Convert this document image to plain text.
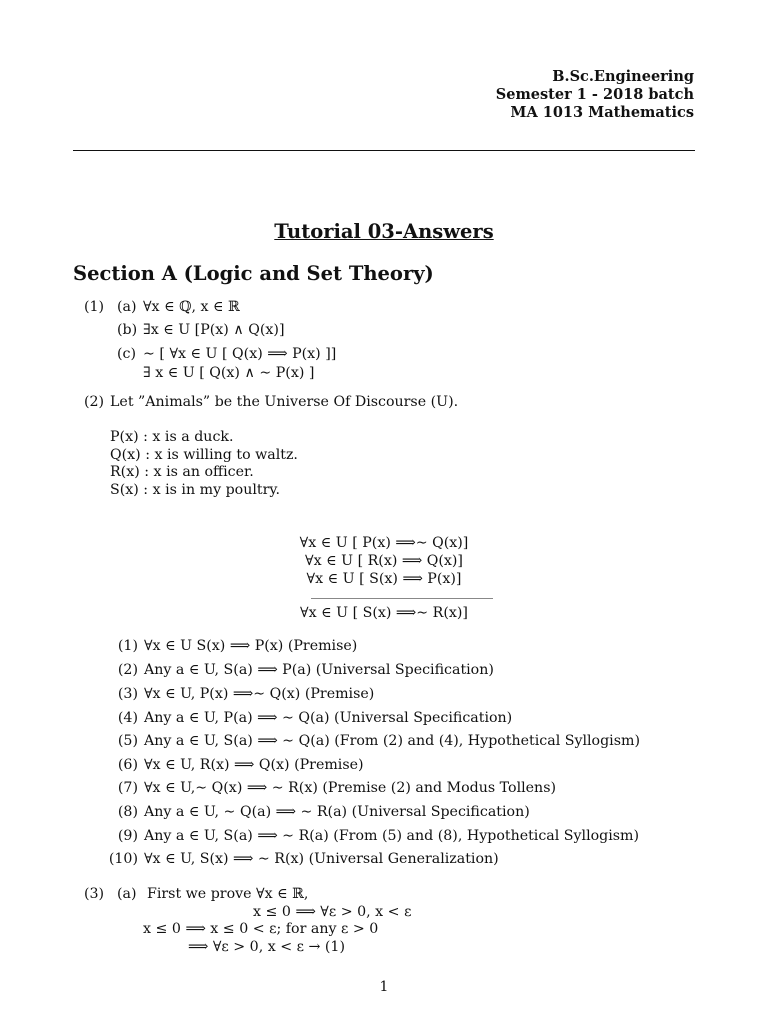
B.Sc.Engineering
Semester 1 - 2018 batch
MA 1013 Mathematics
Tutorial 03-Answers
Section A (Logic and Set Theory)
(1) (a) ∀x ∈ ℚ, x ∈ ℝ
(b) ∃x ∈ U [P(x) ∧ Q(x)]
(c) ∼ [ ∀x ∈ U [ Q(x) ⟹ P(x) ]]
∃ x ∈ U [ Q(x) ∧ ∼ P(x) ]
(2) Let ”Animals” be the Universe Of Discourse (U).
P(x) : x is a duck.
Q(x) : x is willing to waltz.
R(x) : x is an officer.
S(x) : x is in my poultry.
∀x ∈ U [ P(x) ⟹∼ Q(x)]
∀x ∈ U [ R(x) ⟹ Q(x)]
∀x ∈ U [ S(x) ⟹ P(x)]
∀x ∈ U [ S(x) ⟹∼ R(x)]
(1) ∀x ∈ U S(x) ⟹ P(x) (Premise)
(2) Any a ∈ U, S(a) ⟹ P(a) (Universal Specification)
(3) ∀x ∈ U, P(x) ⟹∼ Q(x) (Premise)
(4) Any a ∈ U, P(a) ⟹ ∼ Q(a) (Universal Specification)
(5) Any a ∈ U, S(a) ⟹ ∼ Q(a) (From (2) and (4), Hypothetical Syllogism)
(6) ∀x ∈ U, R(x) ⟹ Q(x) (Premise)
(7) ∀x ∈ U,∼ Q(x) ⟹ ∼ R(x) (Premise (2) and Modus Tollens)
(8) Any a ∈ U, ∼ Q(a) ⟹ ∼ R(a) (Universal Specification)
(9) Any a ∈ U, S(a) ⟹ ∼ R(a) (From (5) and (8), Hypothetical Syllogism)
(10) ∀x ∈ U, S(x) ⟹ ∼ R(x) (Universal Generalization)
(3) (a) First we prove ∀x ∈ ℝ,
x ≤ 0 ⟹ ∀ε > 0, x < ε
x ≤ 0 ⟹ x ≤ 0 < ε; for any ε > 0
⟹ ∀ε > 0, x < ε → (1)
1
